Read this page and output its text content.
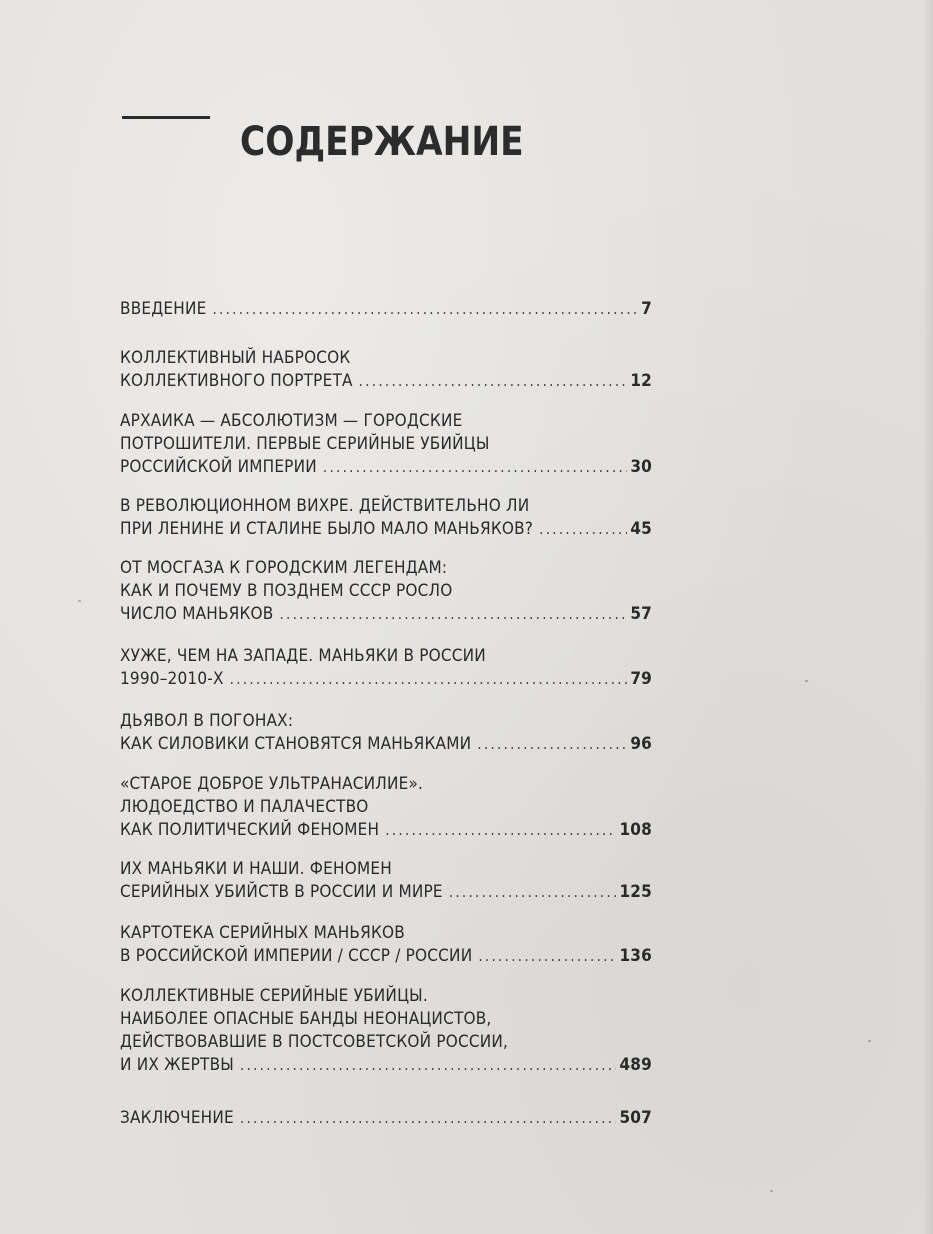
СОДЕРЖАНИЕ
ВВЕДЕНИЕ . . .	7
КОЛЛЕКТИВНЫЙ НАБРОСОК
КОЛЛЕКТИВНОГО ПОРТРЕТА . . .	12
АРХАИКА — АБСОЛЮТИЗМ — ГОРОДСКИЕ
ПОТРОШИТЕЛИ. ПЕРВЫЕ СЕРИЙНЫЕ УБИЙЦЫ
РОССИЙСКОЙ ИМПЕРИИ . . .	30
В РЕВОЛЮЦИОННОМ ВИХРЕ. ДЕЙСТВИТЕЛЬНО ЛИ
ПРИ ЛЕНИНЕ И СТАЛИНЕ БЫЛО МАЛО МАНЬЯКОВ? . . .	45
ОТ МОСГАЗА К ГОРОДСКИМ ЛЕГЕНДАМ:
КАК И ПОЧЕМУ В ПОЗДНЕМ СССР РОСЛО
ЧИСЛО МАНЬЯКОВ . . .	57
ХУЖЕ, ЧЕМ НА ЗАПАДЕ. МАНЬЯКИ В РОССИИ
1990–2010-Х . . .	79
ДЬЯВОЛ В ПОГОНАХ:
КАК СИЛОВИКИ СТАНОВЯТСЯ МАНЬЯКАМИ . . .	96
«СТАРОЕ ДОБРОЕ УЛЬТРАНАСИЛИЕ».
ЛЮДОЕДСТВО И ПАЛАЧЕСТВО
КАК ПОЛИТИЧЕСКИЙ ФЕНОМЕН . . .	108
ИХ МАНЬЯКИ И НАШИ. ФЕНОМЕН
СЕРИЙНЫХ УБИЙСТВ В РОССИИ И МИРЕ . . .	125
КАРТОТЕКА СЕРИЙНЫХ МАНЬЯКОВ
В РОССИЙСКОЙ ИМПЕРИИ / СССР / РОССИИ . . .	136
КОЛЛЕКТИВНЫЕ СЕРИЙНЫЕ УБИЙЦЫ.
НАИБОЛЕЕ ОПАСНЫЕ БАНДЫ НЕОНАЦИСТОВ,
ДЕЙСТВОВАВШИЕ В ПОСТСОВЕТСКОЙ РОССИИ,
И ИХ ЖЕРТВЫ . . .	489
ЗАКЛЮЧЕНИЕ . . .	507
